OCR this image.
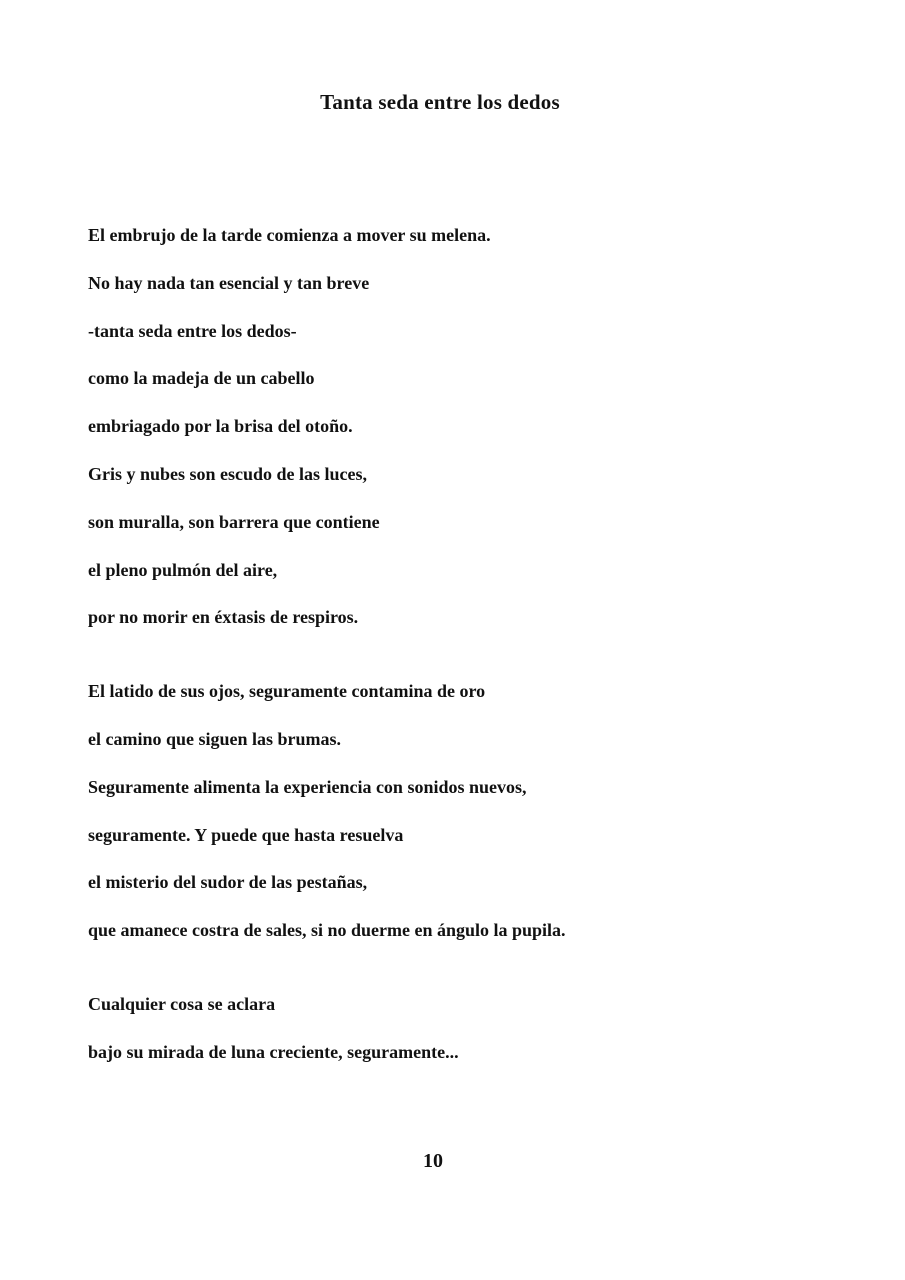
Tanta seda entre los dedos
El embrujo de la tarde comienza a mover su melena.
No hay nada tan esencial y tan breve
-tanta seda entre los dedos-
como la madeja de un cabello
embriagado por la brisa del otoño.
Gris y nubes son escudo de las luces,
son muralla, son barrera que contiene
el pleno pulmón del aire,
por no morir en éxtasis de respiros.
El latido de sus ojos, seguramente contamina de oro
el camino que siguen las brumas.
Seguramente alimenta la experiencia con sonidos nuevos,
seguramente. Y puede que hasta resuelva
el misterio del sudor de las pestañas,
que amanece costra de sales, si no duerme en ángulo la pupila.
Cualquier cosa se aclara
bajo su mirada de luna creciente, seguramente...
10
